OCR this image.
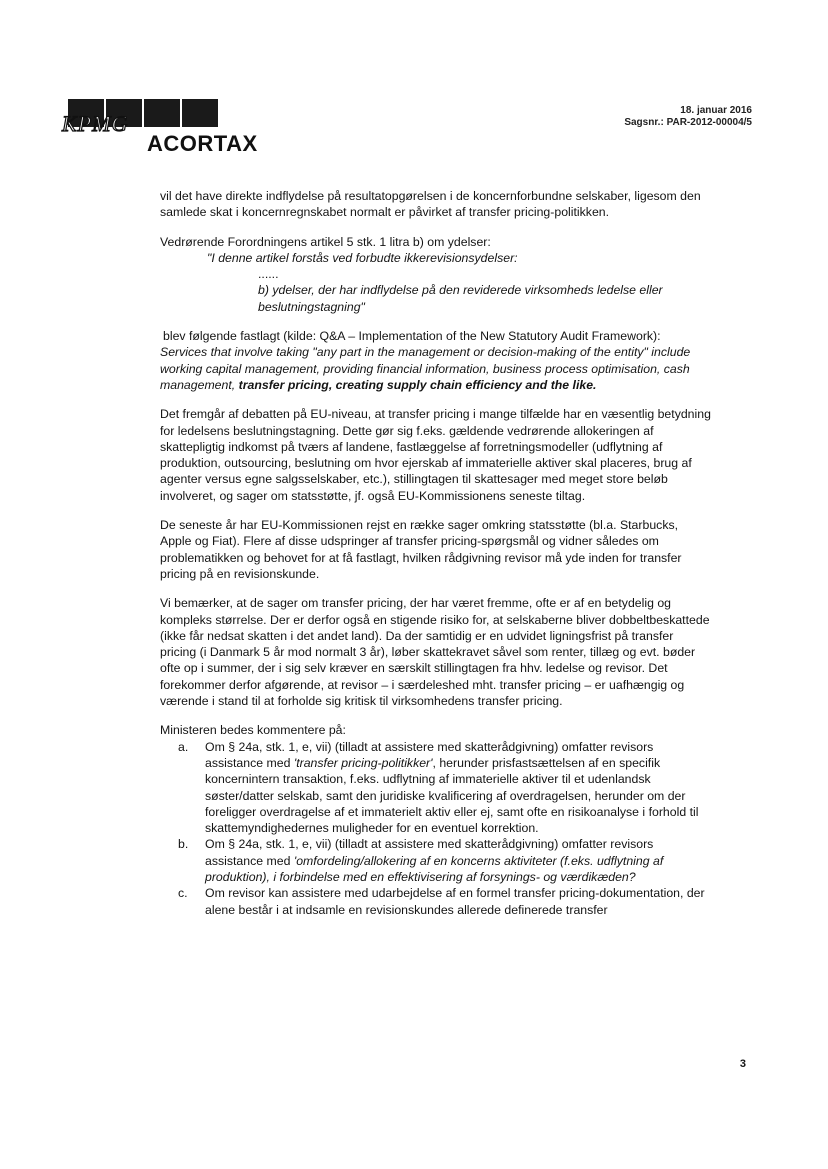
KPMG
ACORTAX
18. januar 2016
Sagsnr.: PAR-2012-00004/5

vil det have direkte indflydelse på resultatopgørelsen i de koncernforbundne selskaber, ligesom den samlede skat i koncernregnskabet normalt er påvirket af transfer pricing-politikken.

Vedrørende Forordningens artikel 5 stk. 1 litra b) om ydelser:

"I denne artikel forstås ved forbudte ikkerevisionsydelser:

......

b) ydelser, der har indflydelse på den reviderede virksomheds ledelse eller beslutningstagning"

blev følgende fastlagt (kilde: Q&A – Implementation of the New Statutory Audit Framework):

Services that involve taking "any part in the management or decision-making of the entity" include working capital management, providing financial information, business process optimisation, cash management, transfer pricing, creating supply chain efficiency and the like.

Det fremgår af debatten på EU-niveau, at transfer pricing i mange tilfælde har en væsentlig betydning for ledelsens beslutningstagning. Dette gør sig f.eks. gældende vedrørende allokeringen af skattepligtig indkomst på tværs af landene, fastlæggelse af forretningsmodeller (udflytning af produktion, outsourcing, beslutning om hvor ejerskab af immaterielle aktiver skal placeres, brug af agenter versus egne salgsselskaber, etc.), stillingtagen til skattesager med meget store beløb involveret, og sager om statsstøtte, jf. også EU-Kommissionens seneste tiltag.

De seneste år har EU-Kommissionen rejst en række sager omkring statsstøtte (bl.a. Starbucks, Apple og Fiat). Flere af disse udspringer af transfer pricing-spørgsmål og vidner således om problematikken og behovet for at få fastlagt, hvilken rådgivning revisor må yde inden for transfer pricing på en revisionskunde.

Vi bemærker, at de sager om transfer pricing, der har været fremme, ofte er af en betydelig og kompleks størrelse. Der er derfor også en stigende risiko for, at selskaberne bliver dobbeltbeskattede (ikke får nedsat skatten i det andet land). Da der samtidig er en udvidet ligningsfrist på transfer pricing (i Danmark 5 år mod normalt 3 år), løber skattekravet såvel som renter, tillæg og evt. bøder ofte op i summer, der i sig selv kræver en særskilt stillingtagen fra hhv. ledelse og revisor. Det forekommer derfor afgørende, at revisor – i særdeleshed mht. transfer pricing – er uafhængig og værende i stand til at forholde sig kritisk til virksomhedens transfer pricing.

Ministeren bedes kommentere på:

a. Om § 24a, stk. 1, e, vii) (tilladt at assistere med skatterådgivning) omfatter revisors assistance med 'transfer pricing-politikker', herunder prisfastsættelsen af en specifik koncernintern transaktion, f.eks. udflytning af immaterielle aktiver til et udenlandsk søster/datter selskab, samt den juridiske kvalificering af overdragelsen, herunder om der foreligger overdragelse af et immaterielt aktiv eller ej, samt ofte en risikoanalyse i forhold til skattemyndighedernes muligheder for en eventuel korrektion.
b. Om § 24a, stk. 1, e, vii) (tilladt at assistere med skatterådgivning) omfatter revisors assistance med 'omfordeling/allokering af en koncerns aktiviteter (f.eks. udflytning af produktion), i forbindelse med en effektivisering af forsynings- og værdikæden?
c. Om revisor kan assistere med udarbejdelse af en formel transfer pricing-dokumentation, der alene består i at indsamle en revisionskundes allerede definerede transfer
3
